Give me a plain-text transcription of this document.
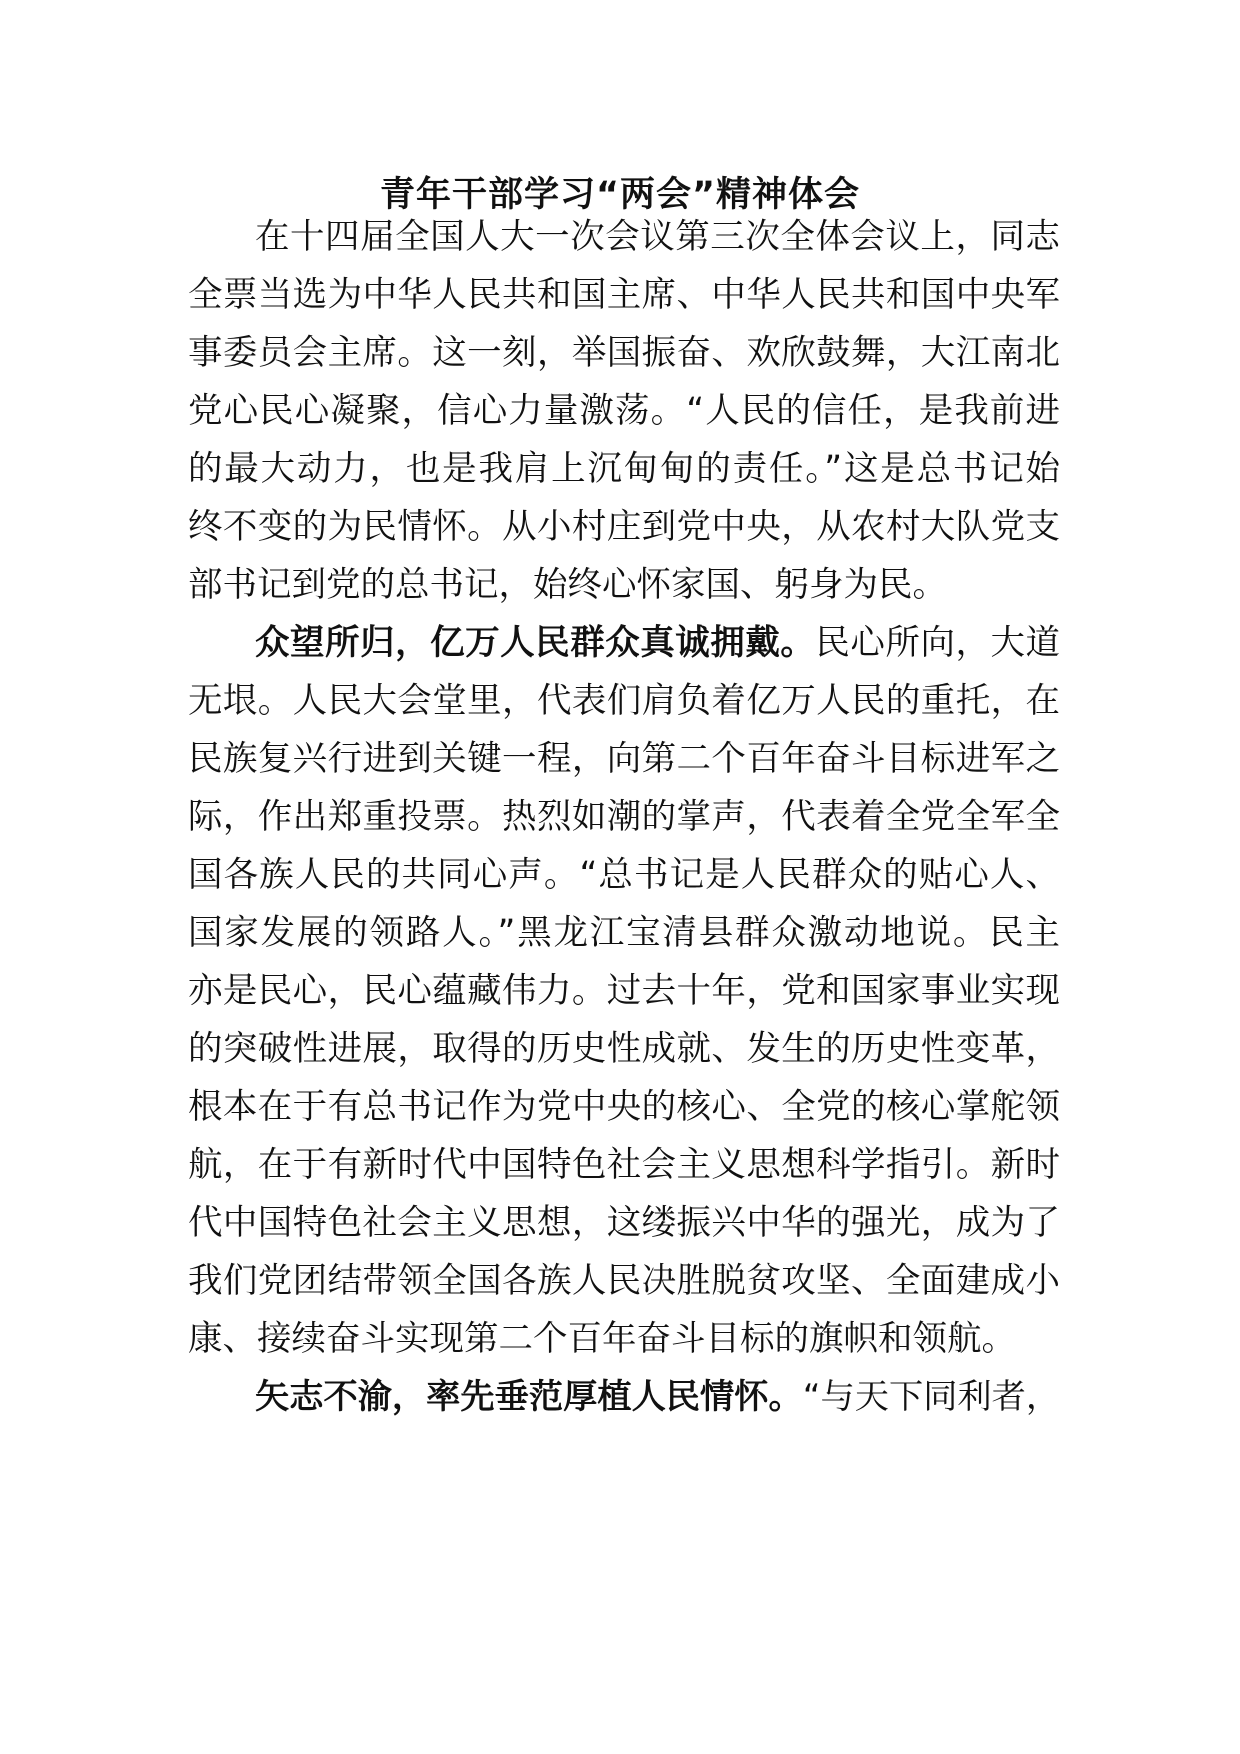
青年干部学习“两会”精神体会
在十四届全国人大一次会议第三次全体会议上，同志
全票当选为中华人民共和国主席、中华人民共和国中央军
事委员会主席。这一刻，举国振奋、欢欣鼓舞，大江南北
党心民心凝聚，信心力量激荡。“人民的信任，是我前进
的最大动力，也是我肩上沉甸甸的责任。”这是总书记始
终不变的为民情怀。从小村庄到党中央，从农村大队党支
部书记到党的总书记，始终心怀家国、躬身为民。
众望所归，亿万人民群众真诚拥戴。民心所向，大道
无垠。人民大会堂里，代表们肩负着亿万人民的重托，在
民族复兴行进到关键一程，向第二个百年奋斗目标进军之
际，作出郑重投票。热烈如潮的掌声，代表着全党全军全
国各族人民的共同心声。“总书记是人民群众的贴心人、
国家发展的领路人。”黑龙江宝清县群众激动地说。民主
亦是民心，民心蕴藏伟力。过去十年，党和国家事业实现
的突破性进展，取得的历史性成就、发生的历史性变革，
根本在于有总书记作为党中央的核心、全党的核心掌舵领
航，在于有新时代中国特色社会主义思想科学指引。新时
代中国特色社会主义思想，这缕振兴中华的强光，成为了
我们党团结带领全国各族人民决胜脱贫攻坚、全面建成小
康、接续奋斗实现第二个百年奋斗目标的旗帜和领航。
矢志不渝，率先垂范厚植人民情怀。“与天下同利者，
